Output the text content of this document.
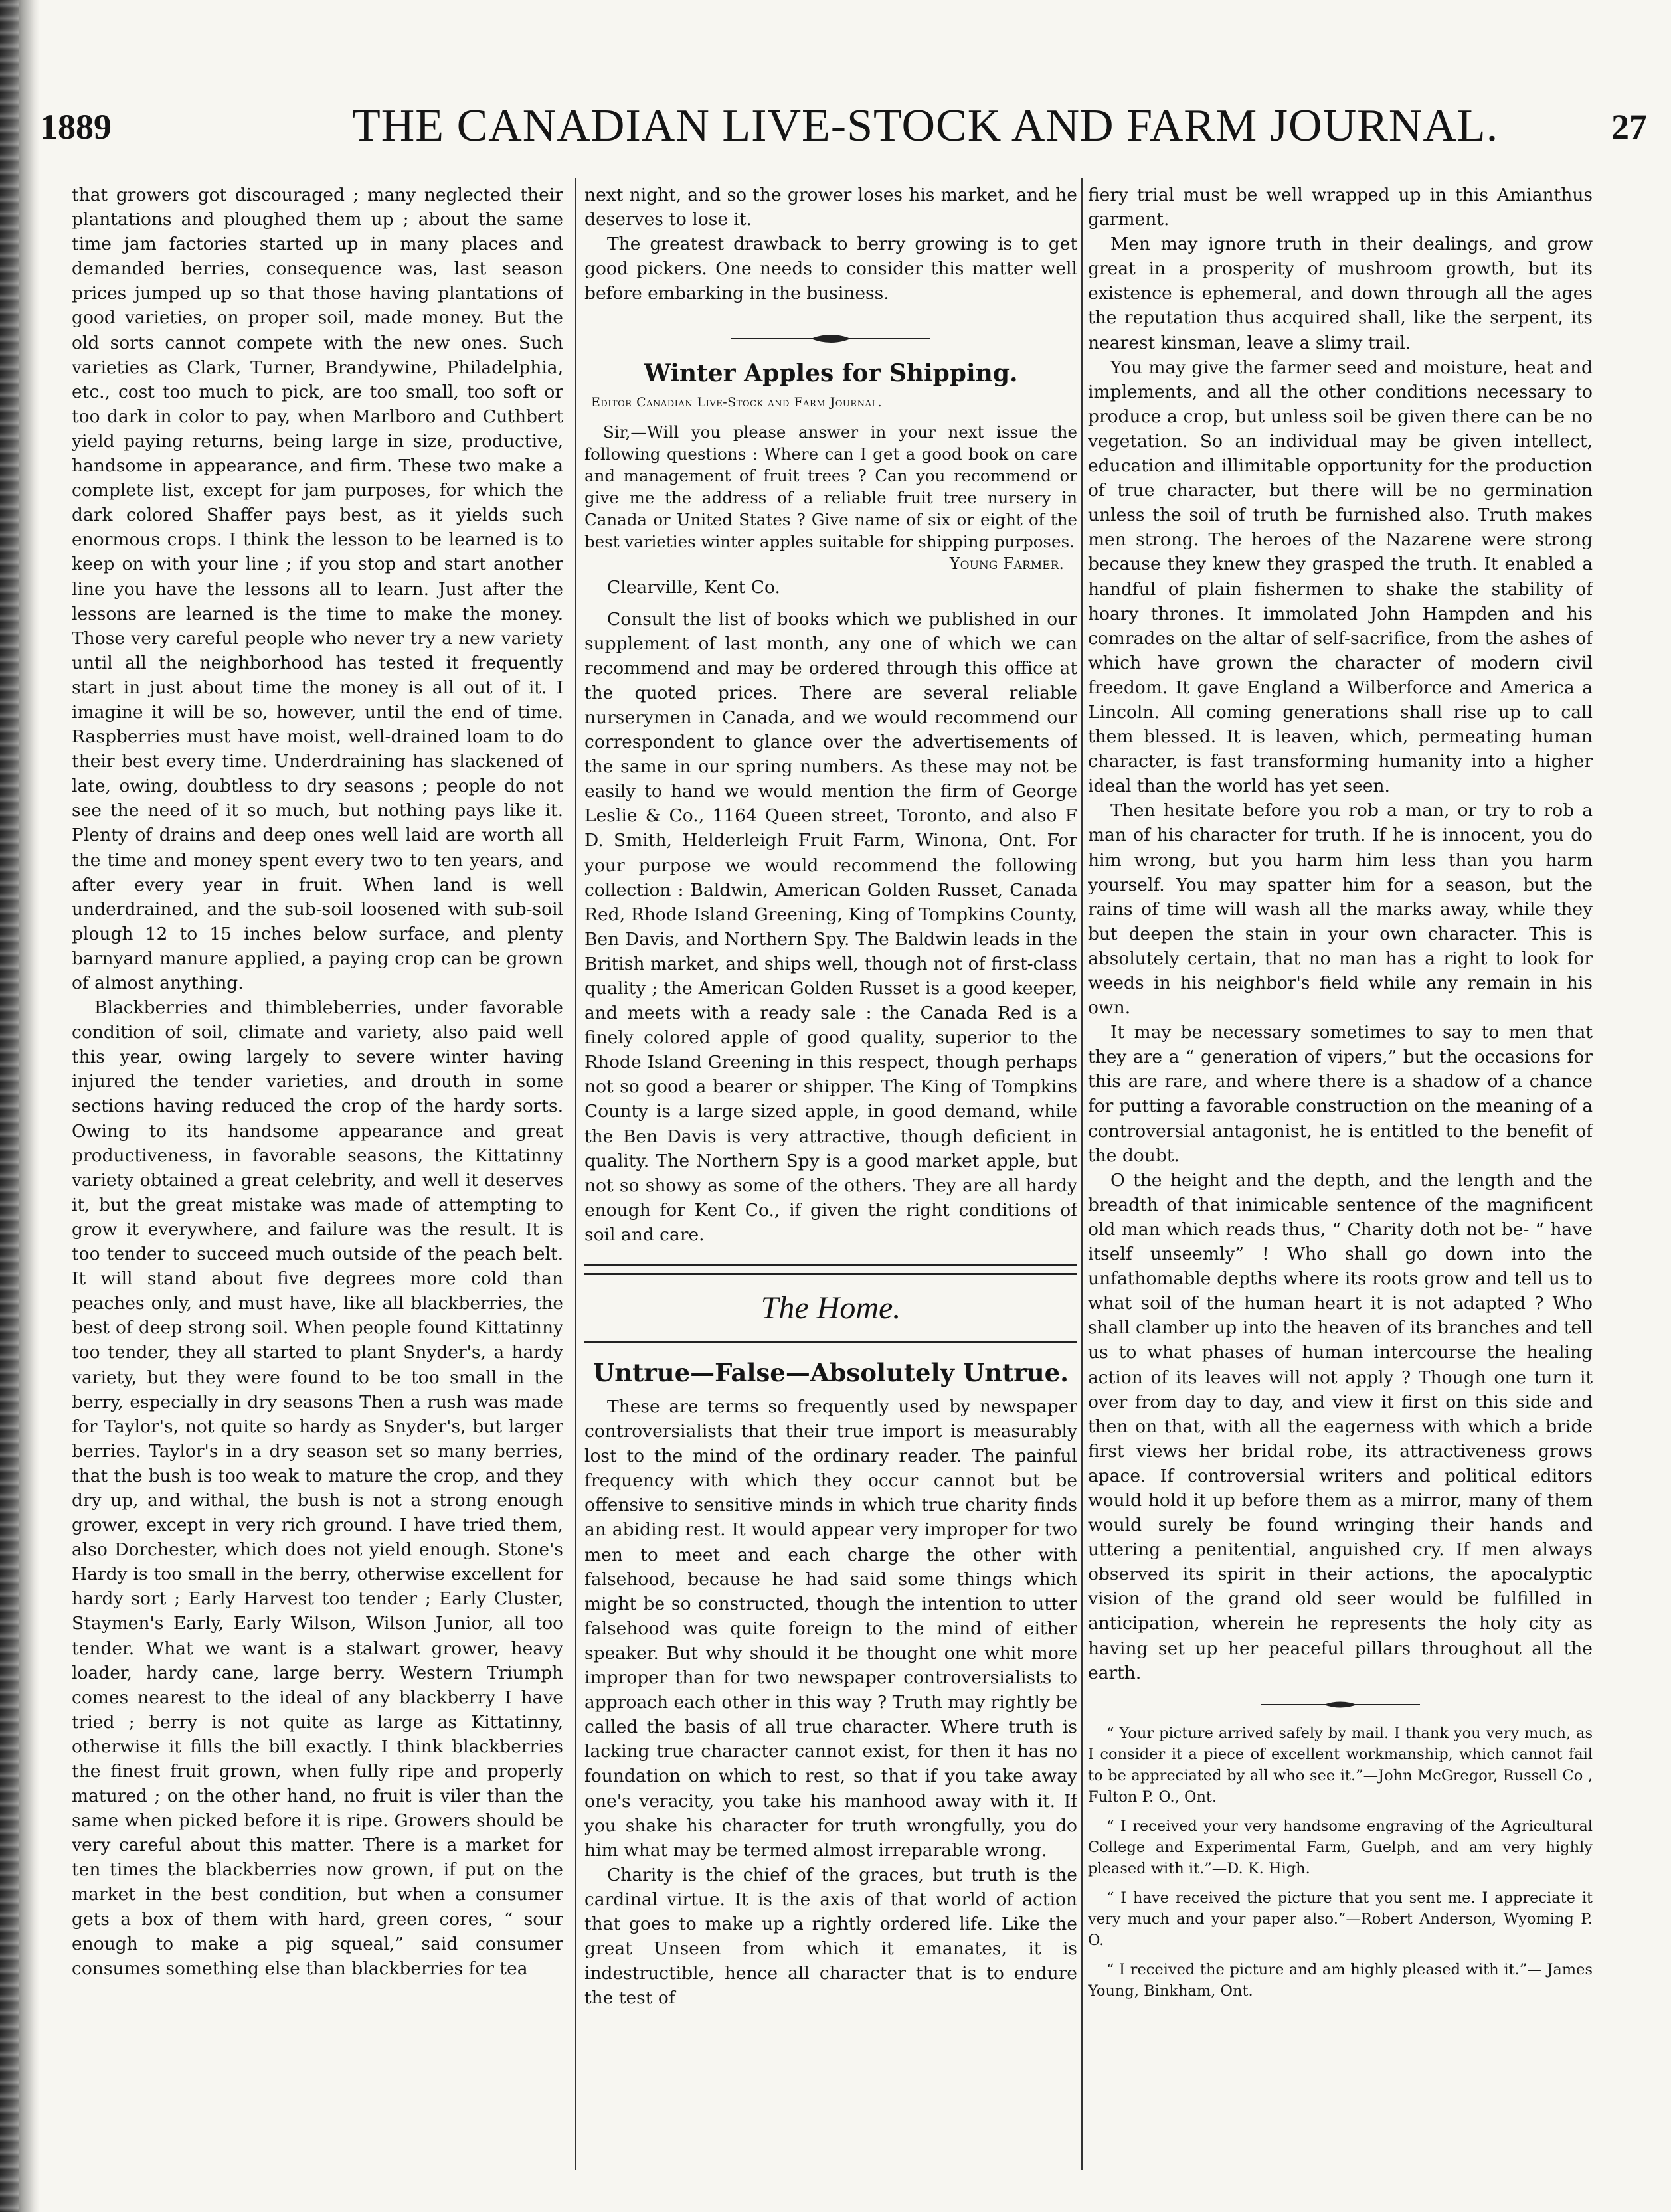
1889	THE CANADIAN LIVE-STOCK AND FARM JOURNAL.	27

that growers got discouraged ; many neglected their plantations and ploughed them up ; about the same time jam factories started up in many places and demanded berries, consequence was, last season prices jumped up so that those having plantations of good varieties, on proper soil, made money. But the old sorts cannot compete with the new ones. Such varieties as Clark, Turner, Brandywine, Philadelphia, etc., cost too much to pick, are too small, too soft or too dark in color to pay, when Marlboro and Cuthbert yield paying returns, being large in size, productive, handsome in appearance, and firm. These two make a complete list, except for jam purposes, for which the dark colored Shaffer pays best, as it yields such enormous crops. I think the lesson to be learned is to keep on with your line ; if you stop and start another line you have the lessons all to learn. Just after the lessons are learned is the time to make the money. Those very careful people who never try a new variety until all the neighborhood has tested it frequently start in just about time the money is all out of it. I imagine it will be so, however, until the end of time. Raspberries must have moist, well-drained loam to do their best every time. Underdraining has slackened of late, owing, doubtless to dry seasons ; people do not see the need of it so much, but nothing pays like it. Plenty of drains and deep ones well laid are worth all the time and money spent every two to ten years, and after every year in fruit. When land is well underdrained, and the sub-soil loosened with sub-soil plough 12 to 15 inches below surface, and plenty barnyard manure applied, a paying crop can be grown of almost anything.

Blackberries and thimbleberries, under favorable condition of soil, climate and variety, also paid well this year, owing largely to severe winter having injured the tender varieties, and drouth in some sections having reduced the crop of the hardy sorts. Owing to its handsome appearance and great productiveness, in favorable seasons, the Kittatinny variety obtained a great celebrity, and well it deserves it, but the great mistake was made of attempting to grow it everywhere, and failure was the result. It is too tender to succeed much outside of the peach belt. It will stand about five degrees more cold than peaches only, and must have, like all blackberries, the best of deep strong soil. When people found Kittatinny too tender, they all started to plant Snyder's, a hardy variety, but they were found to be too small in the berry, especially in dry seasons Then a rush was made for Taylor's, not quite so hardy as Snyder's, but larger berries. Taylor's in a dry season set so many berries, that the bush is too weak to mature the crop, and they dry up, and withal, the bush is not a strong enough grower, except in very rich ground. I have tried them, also Dorchester, which does not yield enough. Stone's Hardy is too small in the berry, otherwise excellent for hardy sort ; Early Harvest too tender ; Early Cluster, Staymen's Early, Early Wilson, Wilson Junior, all too tender. What we want is a stalwart grower, heavy loader, hardy cane, large berry. Western Triumph comes nearest to the ideal of any blackberry I have tried ; berry is not quite as large as Kittatinny, otherwise it fills the bill exactly. I think blackberries the finest fruit grown, when fully ripe and properly matured ; on the other hand, no fruit is viler than the same when picked before it is ripe. Growers should be very careful about this matter. There is a market for ten times the blackberries now grown, if put on the market in the best condition, but when a consumer gets a box of them with hard, green cores, “ sour enough to make a pig squeal,” said consumer consumes something else than blackberries for tea

next night, and so the grower loses his market, and he deserves to lose it.

The greatest drawback to berry growing is to get good pickers. One needs to consider this matter well before embarking in the business.

Winter Apples for Shipping.
Editor Canadian Live-Stock and Farm Journal.

Sir,—Will you please answer in your next issue the following questions : Where can I get a good book on care and management of fruit trees ? Can you recommend or give me the address of a reliable fruit tree nursery in Canada or United States ? Give name of six or eight of the best varieties winter apples suitable for shipping purposes.

Young Farmer.

Clearville, Kent Co.

Consult the list of books which we published in our supplement of last month, any one of which we can recommend and may be ordered through this office at the quoted prices. There are several reliable nurserymen in Canada, and we would recommend our correspondent to glance over the advertisements of the same in our spring numbers. As these may not be easily to hand we would mention the firm of George Leslie & Co., 1164 Queen street, Toronto, and also F D. Smith, Helderleigh Fruit Farm, Winona, Ont. For your purpose we would recommend the following collection : Baldwin, American Golden Russet, Canada Red, Rhode Island Greening, King of Tompkins County, Ben Davis, and Northern Spy. The Baldwin leads in the British market, and ships well, though not of first-class quality ; the American Golden Russet is a good keeper, and meets with a ready sale : the Canada Red is a finely colored apple of good quality, superior to the Rhode Island Greening in this respect, though perhaps not so good a bearer or shipper. The King of Tompkins County is a large sized apple, in good demand, while the Ben Davis is very attractive, though deficient in quality. The Northern Spy is a good market apple, but not so showy as some of the others. They are all hardy enough for Kent Co., if given the right conditions of soil and care.

The Home.
Untrue—False—Absolutely Untrue.

These are terms so frequently used by newspaper controversialists that their true import is measurably lost to the mind of the ordinary reader. The painful frequency with which they occur cannot but be offensive to sensitive minds in which true charity finds an abiding rest. It would appear very improper for two men to meet and each charge the other with falsehood, because he had said some things which might be so constructed, though the intention to utter falsehood was quite foreign to the mind of either speaker. But why should it be thought one whit more improper than for two newspaper controversialists to approach each other in this way ? Truth may rightly be called the basis of all true character. Where truth is lacking true character cannot exist, for then it has no foundation on which to rest, so that if you take away one's veracity, you take his manhood away with it. If you shake his character for truth wrongfully, you do him what may be termed almost irreparable wrong.

Charity is the chief of the graces, but truth is the cardinal virtue. It is the axis of that world of action that goes to make up a rightly ordered life. Like the great Unseen from which it emanates, it is indestructible, hence all character that is to endure the test of

fiery trial must be well wrapped up in this Amianthus garment.

Men may ignore truth in their dealings, and grow great in a prosperity of mushroom growth, but its existence is ephemeral, and down through all the ages the reputation thus acquired shall, like the serpent, its nearest kinsman, leave a slimy trail.

You may give the farmer seed and moisture, heat and implements, and all the other conditions necessary to produce a crop, but unless soil be given there can be no vegetation. So an individual may be given intellect, education and illimitable opportunity for the production of true character, but there will be no germination unless the soil of truth be furnished also. Truth makes men strong. The heroes of the Nazarene were strong because they knew they grasped the truth. It enabled a handful of plain fishermen to shake the stability of hoary thrones. It immolated John Hampden and his comrades on the altar of self-sacrifice, from the ashes of which have grown the character of modern civil freedom. It gave England a Wilberforce and America a Lincoln. All coming generations shall rise up to call them blessed. It is leaven, which, permeating human character, is fast transforming humanity into a higher ideal than the world has yet seen.

Then hesitate before you rob a man, or try to rob a man of his character for truth. If he is innocent, you do him wrong, but you harm him less than you harm yourself. You may spatter him for a season, but the rains of time will wash all the marks away, while they but deepen the stain in your own character. This is absolutely certain, that no man has a right to look for weeds in his neighbor's field while any remain in his own.

It may be necessary sometimes to say to men that they are a “ generation of vipers,” but the occasions for this are rare, and where there is a shadow of a chance for putting a favorable construction on the meaning of a controversial antagonist, he is entitled to the benefit of the doubt.

O the height and the depth, and the length and the breadth of that inimicable sentence of the magnificent old man which reads thus, “ Charity doth not be- “ have itself unseemly” ! Who shall go down into the unfathomable depths where its roots grow and tell us to what soil of the human heart it is not adapted ? Who shall clamber up into the heaven of its branches and tell us to what phases of human intercourse the healing action of its leaves will not apply ? Though one turn it over from day to day, and view it first on this side and then on that, with all the eagerness with which a bride first views her bridal robe, its attractiveness grows apace. If controversial writers and political editors would hold it up before them as a mirror, many of them would surely be found wringing their hands and uttering a penitential, anguished cry. If men always observed its spirit in their actions, the apocalyptic vision of the grand old seer would be fulfilled in anticipation, wherein he represents the holy city as having set up her peaceful pillars throughout all the earth.

“ Your picture arrived safely by mail. I thank you very much, as I consider it a piece of excellent workmanship, which cannot fail to be appreciated by all who see it.”—John McGregor, Russell Co , Fulton P. O., Ont.

“ I received your very handsome engraving of the Agricultural College and Experimental Farm, Guelph, and am very highly pleased with it.”—D. K. High.

“ I have received the picture that you sent me. I appreciate it very much and your paper also.”—Robert Anderson, Wyoming P. O.

“ I received the picture and am highly pleased with it.”— James Young, Binkham, Ont.
